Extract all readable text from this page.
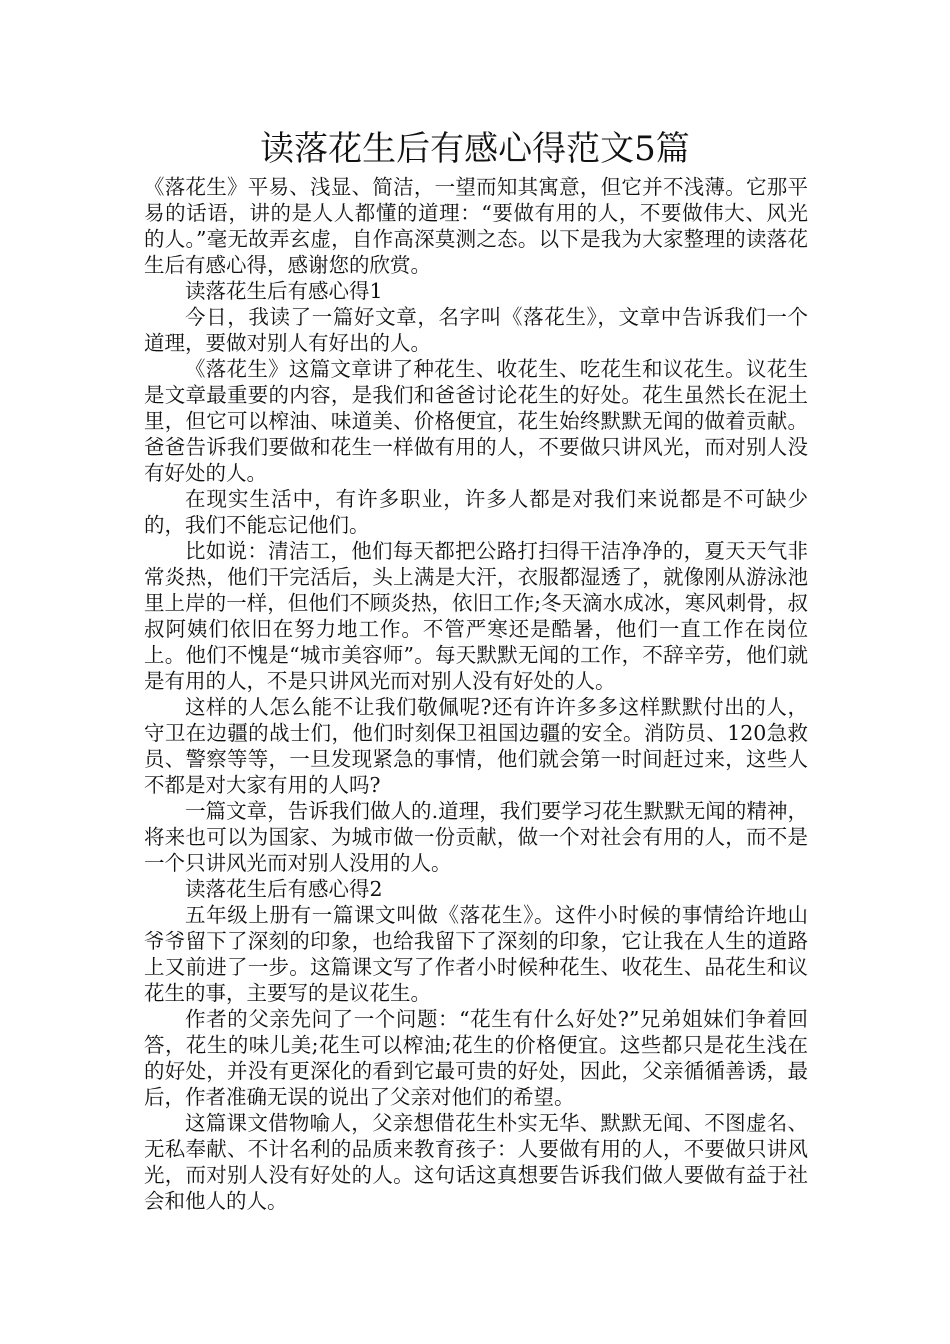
读落花生后有感心得范文5篇

《落花生》平易、浅显、简洁，一望而知其寓意，但它并不浅薄。它那平易的话语，讲的是人人都懂的道理：“要做有用的人，不要做伟大、风光的人。”毫无故弄玄虚，自作高深莫测之态。以下是我为大家整理的读落花生后有感心得，感谢您的欣赏。

读落花生后有感心得1

今日，我读了一篇好文章，名字叫《落花生》，文章中告诉我们一个道理，要做对别人有好出的人。

《落花生》这篇文章讲了种花生、收花生、吃花生和议花生。议花生是文章最重要的内容，是我们和爸爸讨论花生的好处。花生虽然长在泥土里，但它可以榨油、味道美、价格便宜，花生始终默默无闻的做着贡献。爸爸告诉我们要做和花生一样做有用的人，不要做只讲风光，而对别人没有好处的人。

在现实生活中，有许多职业，许多人都是对我们来说都是不可缺少的，我们不能忘记他们。

比如说：清洁工，他们每天都把公路打扫得干洁净净的，夏天天气非常炎热，他们干完活后，头上满是大汗，衣服都湿透了，就像刚从游泳池里上岸的一样，但他们不顾炎热，依旧工作;冬天滴水成冰，寒风刺骨，叔叔阿姨们依旧在努力地工作。不管严寒还是酷暑，他们一直工作在岗位上。他们不愧是“城市美容师”。每天默默无闻的工作，不辞辛劳，他们就是有用的人，不是只讲风光而对别人没有好处的人。

这样的人怎么能不让我们敬佩呢?还有许许多多这样默默付出的人，守卫在边疆的战士们，他们时刻保卫祖国边疆的安全。消防员、120急救员、警察等等，一旦发现紧急的事情，他们就会第一时间赶过来，这些人不都是对大家有用的人吗?

一篇文章，告诉我们做人的.道理，我们要学习花生默默无闻的精神，将来也可以为国家、为城市做一份贡献，做一个对社会有用的人，而不是一个只讲风光而对别人没用的人。

读落花生后有感心得2

五年级上册有一篇课文叫做《落花生》。这件小时候的事情给许地山爷爷留下了深刻的印象，也给我留下了深刻的印象，它让我在人生的道路上又前进了一步。这篇课文写了作者小时候种花生、收花生、品花生和议花生的事，主要写的是议花生。

作者的父亲先问了一个问题：“花生有什么好处?”兄弟姐妹们争着回答，花生的味儿美;花生可以榨油;花生的价格便宜。这些都只是花生浅在的好处，并没有更深化的看到它最可贵的好处，因此，父亲循循善诱，最后，作者准确无误的说出了父亲对他们的希望。

这篇课文借物喻人，父亲想借花生朴实无华、默默无闻、不图虚名、无私奉献、不计名利的品质来教育孩子：人要做有用的人，不要做只讲风光，而对别人没有好处的人。这句话这真想要告诉我们做人要做有益于社会和他人的人。
